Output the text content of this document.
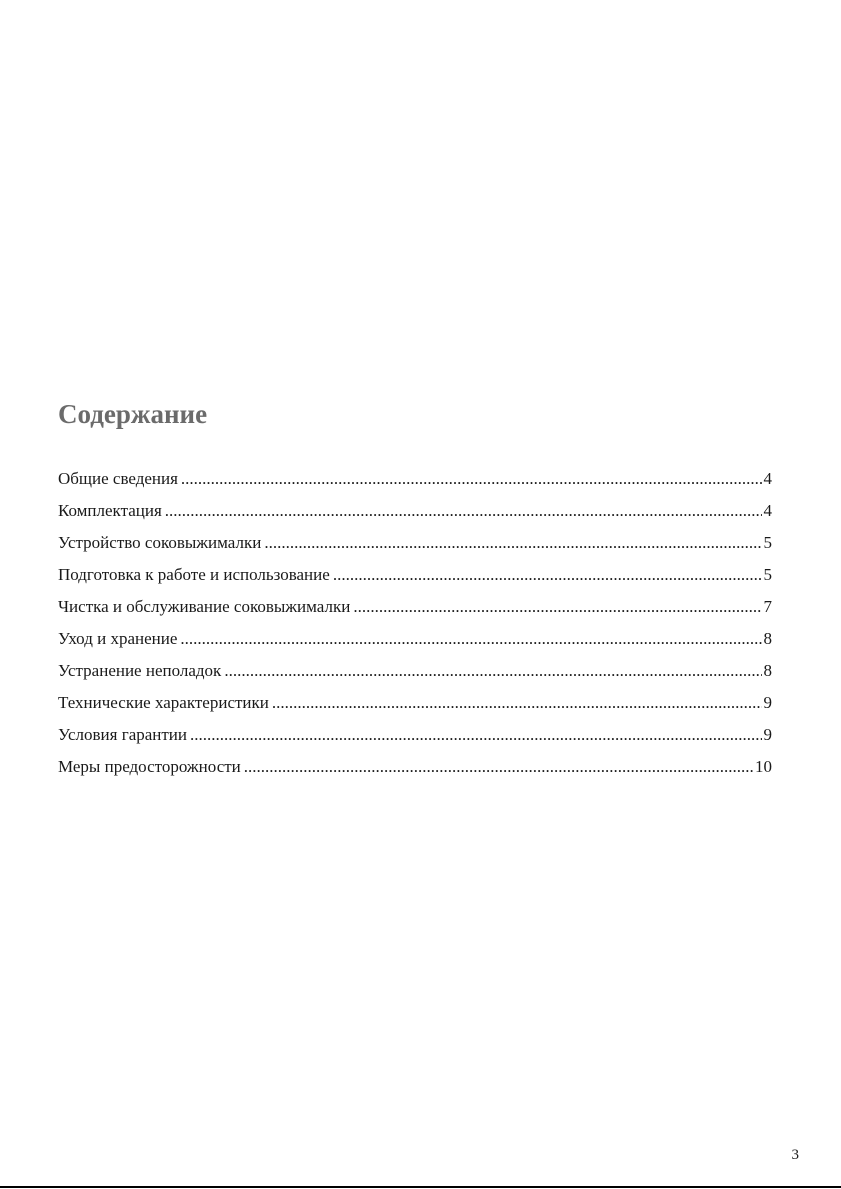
Содержание
Общие сведения .....	4
Комплектация .....	4
Устройство соковыжималки .....	5
Подготовка к работе и использование .....	5
Чистка и обслуживание соковыжималки .....	7
Уход и хранение .....	8
Устранение неполадок .....	8
Технические характеристики .....	9
Условия гарантии .....	9
Меры предосторожности .....	10
3
